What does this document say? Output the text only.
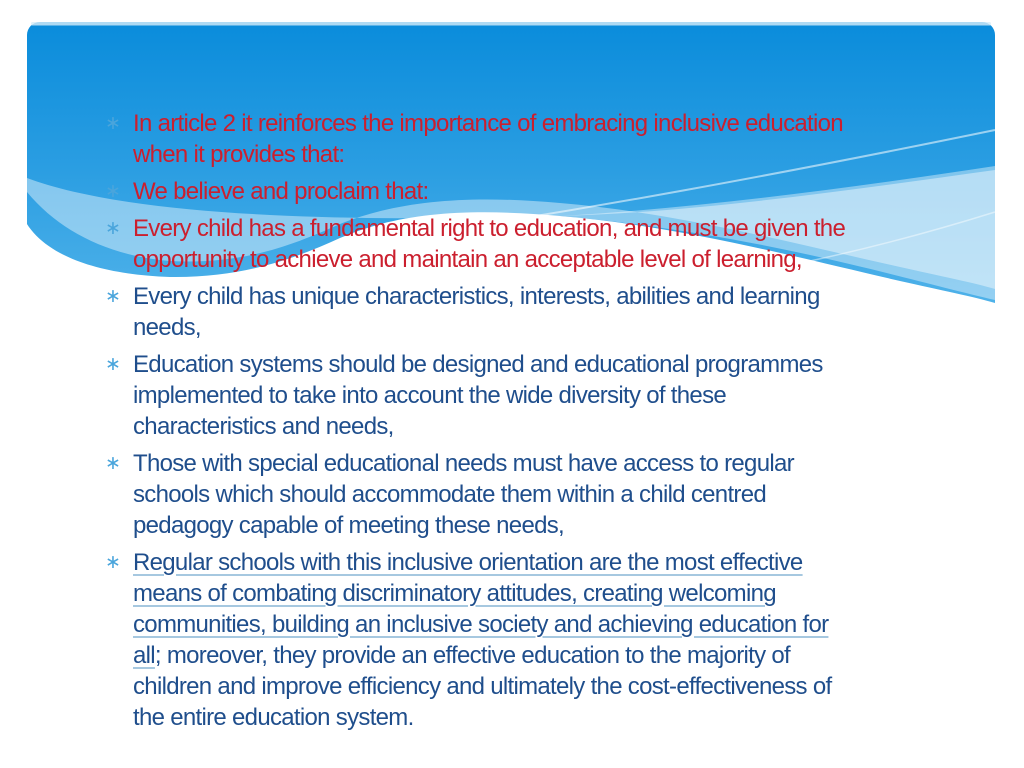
∗ In article 2 it reinforces the importance of embracing inclusive education
when it provides that:
∗ We believe and proclaim that:
∗ Every child has a fundamental right to education, and must be given the
opportunity to achieve and maintain an acceptable level of learning,
∗ Every child has unique characteristics, interests, abilities and learning
needs,
∗ Education systems should be designed and educational programmes
implemented to take into account the wide diversity of these
characteristics and needs,
∗ Those with special educational needs must have access to regular
schools which should accommodate them within a child centred
pedagogy capable of meeting these needs,
∗ Regular schools with this inclusive orientation are the most effective
means of combating discriminatory attitudes, creating welcoming
communities, building an inclusive society and achieving education for
all; moreover, they provide an effective education to the majority of
children and improve efficiency and ultimately the cost-effectiveness of
the entire education system.
